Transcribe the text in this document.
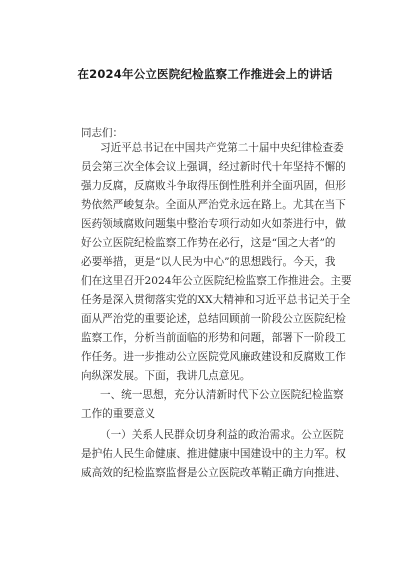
在2024年公立医院纪检监察工作推进会上的讲话
同志们：
习近平总书记在中国共产党第二十届中央纪律检查委
员会第三次全体会议上强调，经过新时代十年坚持不懈的
强力反腐，反腐败斗争取得压倒性胜利并全面巩固，但形
势依然严峻复杂。全面从严治党永远在路上。尤其在当下
医药领域腐败问题集中整治专项行动如火如荼进行中，做
好公立医院纪检监察工作势在必行，这是“国之大者”的
必要举措，更是“以人民为中心”的思想践行。今天，我
们在这里召开2024年公立医院纪检监察工作推进会。主要
任务是深入贯彻落实党的XX大精神和习近平总书记关于全
面从严治党的重要论述，总结回顾前一阶段公立医院纪检
监察工作，分析当前面临的形势和问题，部署下一阶段工
作任务。进一步推动公立医院党风廉政建设和反腐败工作
向纵深发展。下面，我讲几点意见。
一、统一思想，充分认清新时代下公立医院纪检监察
工作的重要意义
（一）关系人民群众切身利益的政治需求。公立医院
是护佑人民生命健康、推进健康中国建设中的主力军。权
威高效的纪检监察监督是公立医院改革鞘正确方向推进、
